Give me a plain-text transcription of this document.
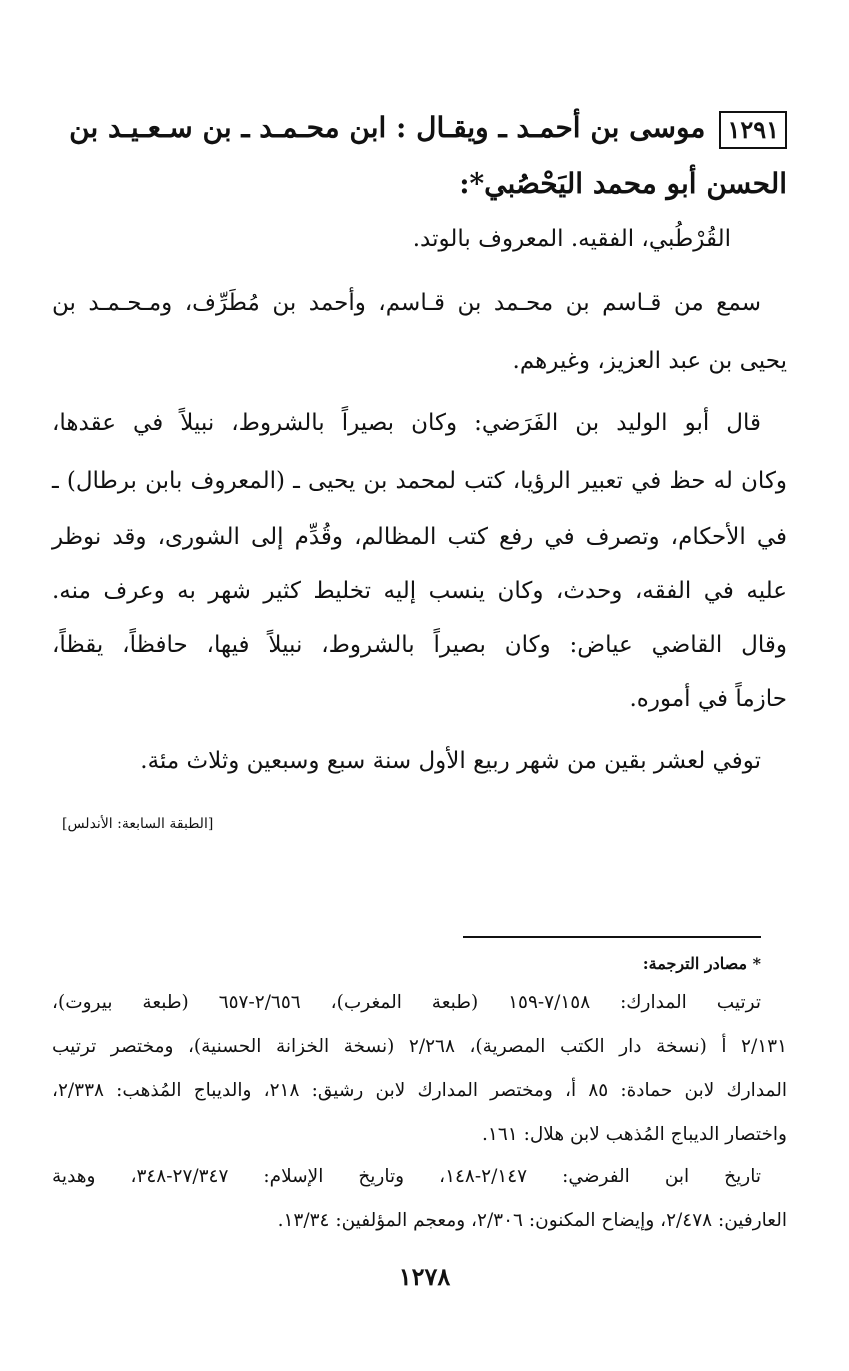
١٢٩١موسى بن أحمـد ـ ويقـال : ابن محـمـد ـ بن سـعـيـد بن
الحسن أبو محمد اليَحْصُبي*:
القُرْطُبي، الفقيه. المعروف بالوتد.
سمع من قـاسم بن محـمد بن قـاسم، وأحمد بن مُطَرِّف، ومـحـمـد بن
يحيى بن عبد العزيز، وغيرهم.
قال أبو الوليد بن الفَرَضي: وكان بصيراً بالشروط، نبيلاً في عقدها،
وكان له حظ في تعبير الرؤيا، كتب لمحمد بن يحيى ـ (المعروف بابن برطال) ـ
في الأحكام، وتصرف في رفع كتب المظالم، وقُدِّم إلى الشورى، وقد نوظر
عليه في الفقه، وحدث، وكان ينسب إليه تخليط كثير شهر به وعرف منه.
وقال القاضي عياض: وكان بصيراً بالشروط، نبيلاً فيها، حافظاً، يقظاً،
حازماً في أموره.
توفي لعشر بقين من شهر ربيع الأول سنة سبع وسبعين وثلاث مئة.
[الطبقة السابعة: الأندلس]
* مصادر الترجمة:
ترتيب المدارك: ٧/١٥٨-١٥٩ (طبعة المغرب)، ٢/٦٥٦-٦٥٧ (طبعة بيروت)،
٢/١٣١ أ (نسخة دار الكتب المصرية)، ٢/٢٦٨ (نسخة الخزانة الحسنية)، ومختصر ترتيب
المدارك لابن حمادة: ٨٥ أ، ومختصر المدارك لابن رشيق: ٢١٨، والديباج المُذهب: ٢/٣٣٨،
واختصار الديباج المُذهب لابن هلال: ١٦١.
تاريخ ابن الفرضي: ٢/١٤٧-١٤٨، وتاريخ الإسلام: ٢٧/٣٤٧-٣٤٨، وهدية
العارفين: ٢/٤٧٨، وإيضاح المكنون: ٢/٣٠٦، ومعجم المؤلفين: ١٣/٣٤.
١٢٧٨
